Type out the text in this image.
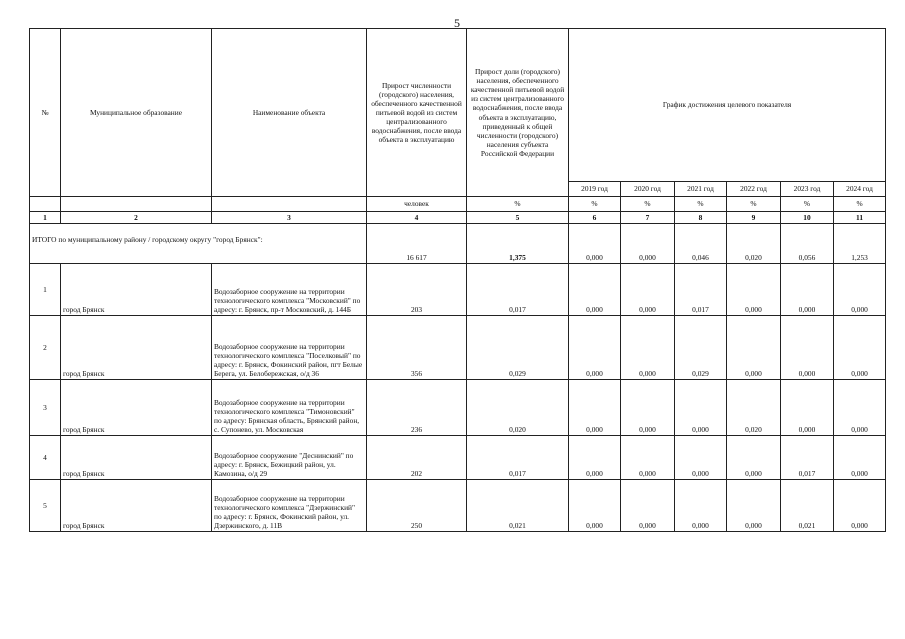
5
№	Муниципальное образование	Наименование объекта	Прирост численности (городского) населения, обеспеченного качественной питьевой водой из систем централизованного водоснабжения, после ввода объекта в эксплуатацию	Прирост доли (городского) населения, обеспеченного качественной питьевой водой из систем централизованного водоснабжения, после ввода объекта в эксплуатацию, приведенный к общей численности (городского) населения субъекта Российской Федерации	График достижения целевого показателя					
					2019 год	2020 год	2021 год	2022 год	2023 год	2024 год
			человек	%	%	%	%	%	%	%
1	2	3	4	5	6	7	8	9	10	11
ИТОГО по муниципальному району / городскому округу "город Брянск":			16 617	1,375	0,000	0,000	0,046	0,020	0,056	1,253
1	город Брянск	Водозаборное сооружение на территории технологического комплекса "Московский" по адресу: г. Брянск, пр-т Московский, д. 144Б	203	0,017	0,000	0,000	0,017	0,000	0,000	0,000
2	город Брянск	Водозаборное сооружение на территории технологического комплекса "Поселковый" по адресу: г. Брянск, Фокинский район, пгт Белые Берега, ул. Белобережская, о/д 36	356	0,029	0,000	0,000	0,029	0,000	0,000	0,000
3	город Брянск	Водозаборное сооружение на территории технологического комплекса "Тимоновский" по адресу: Брянская область, Брянский район, с. Супонево, ул. Московская	236	0,020	0,000	0,000	0,000	0,020	0,000	0,000
4	город Брянск	Водозаборное сооружение "Деснинский" по адресу: г. Брянск, Бежицкий район, ул. Камозина, о/д 29	202	0,017	0,000	0,000	0,000	0,000	0,017	0,000
5	город Брянск	Водозаборное сооружение на территории технологического комплекса "Дзержинский" по адресу: г. Брянск, Фокинский район, ул. Дзержинского, д. 11В	250	0,021	0,000	0,000	0,000	0,000	0,021	0,000
